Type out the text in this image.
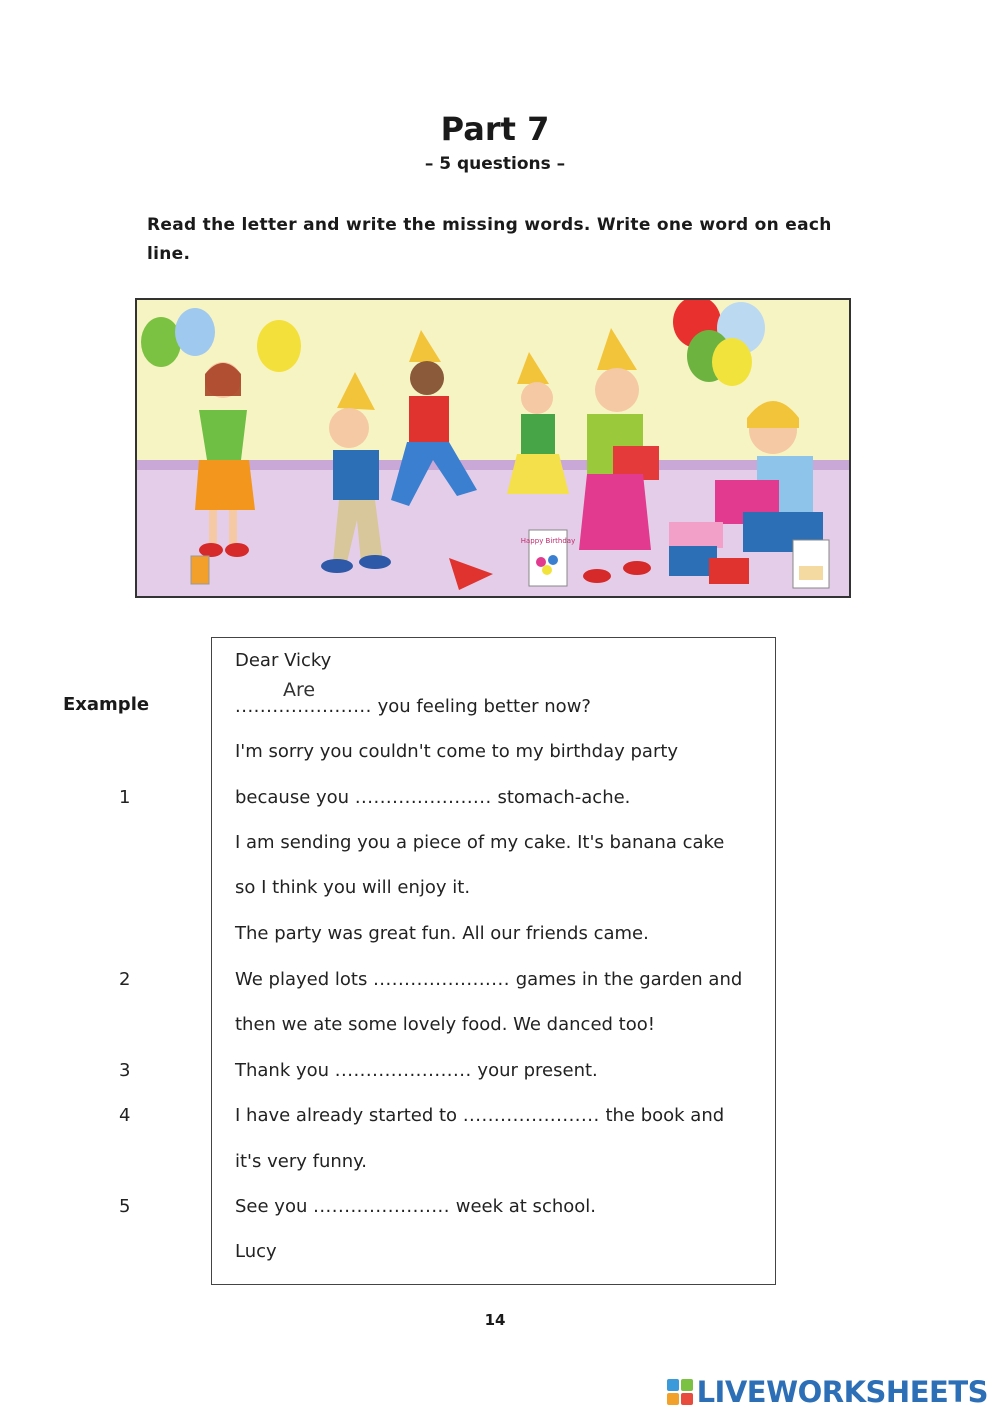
Part 7
– 5 questions –
Read the letter and write the missing words. Write one word on each line.
Happy Birthday
Example
Dear Vicky
......................
Are
you feeling better now?
I'm sorry you couldn't come to my birthday party
1	because you ...................... stomach-ache.
I am sending you a piece of my cake. It's banana cake
so I think you will enjoy it.
The party was great fun. All our friends came.
2	We played lots ...................... games in the garden and
then we ate some lovely food. We danced too!
3	Thank you ...................... your present.
4	I have already started to ...................... the book and
it's very funny.
5	See you ...................... week at school.
Lucy
14
LIVEWORKSHEETS
